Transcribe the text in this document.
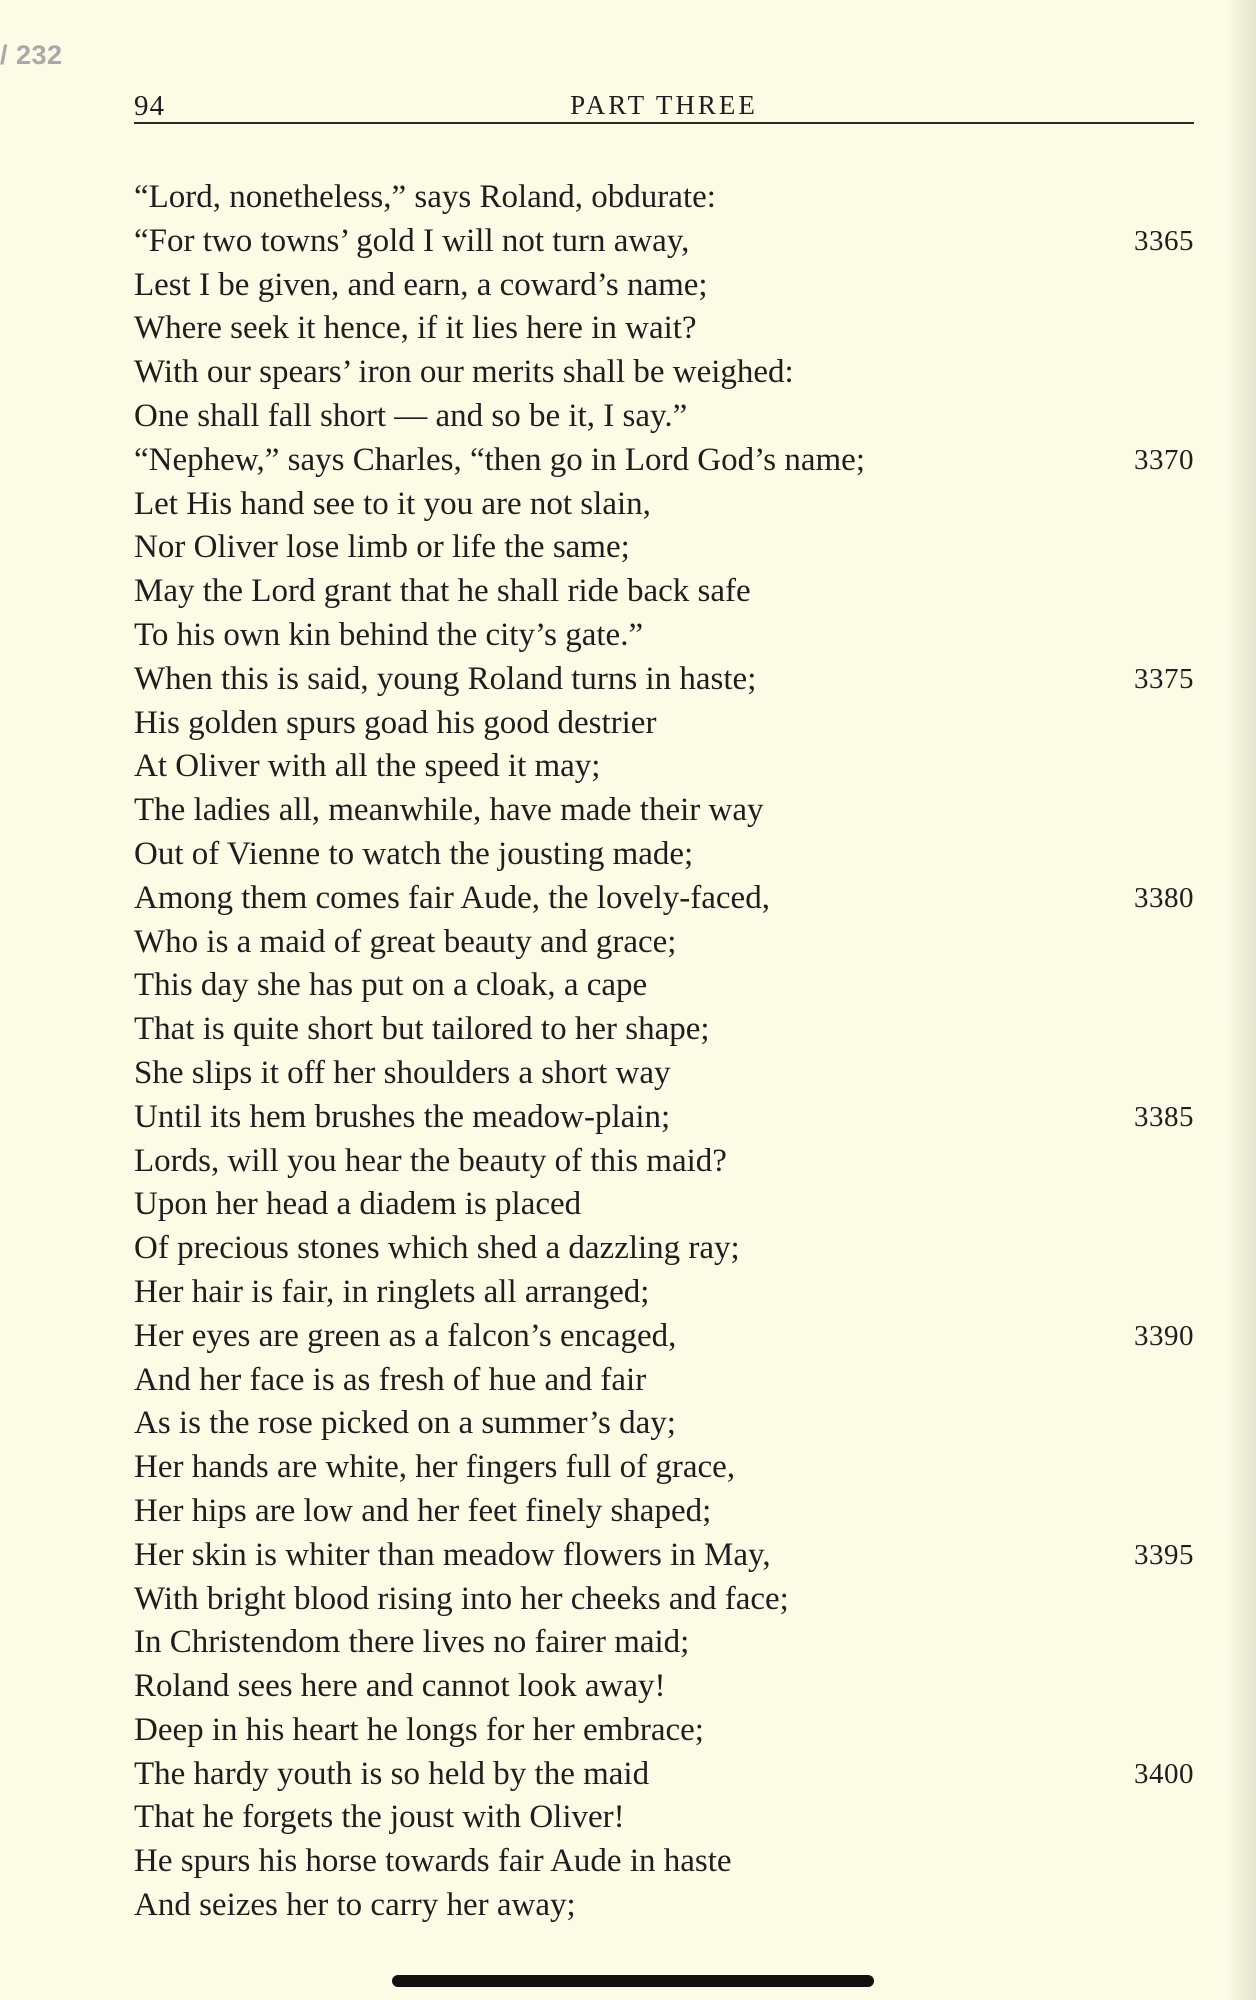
/ 232
94	PART THREE
“Lord, nonetheless,” says Roland, obdurate:
“For two towns’ gold I will not turn away,	3365
Lest I be given, and earn, a coward’s name;
Where seek it hence, if it lies here in wait?
With our spears’ iron our merits shall be weighed:
One shall fall short — and so be it, I say.”
“Nephew,” says Charles, “then go in Lord God’s name;	3370
Let His hand see to it you are not slain,
Nor Oliver lose limb or life the same;
May the Lord grant that he shall ride back safe
To his own kin behind the city’s gate.”
When this is said, young Roland turns in haste;	3375
His golden spurs goad his good destrier
At Oliver with all the speed it may;
The ladies all, meanwhile, have made their way
Out of Vienne to watch the jousting made;
Among them comes fair Aude, the lovely-faced,	3380
Who is a maid of great beauty and grace;
This day she has put on a cloak, a cape
That is quite short but tailored to her shape;
She slips it off her shoulders a short way
Until its hem brushes the meadow-plain;	3385
Lords, will you hear the beauty of this maid?
Upon her head a diadem is placed
Of precious stones which shed a dazzling ray;
Her hair is fair, in ringlets all arranged;
Her eyes are green as a falcon’s encaged,	3390
And her face is as fresh of hue and fair
As is the rose picked on a summer’s day;
Her hands are white, her fingers full of grace,
Her hips are low and her feet finely shaped;
Her skin is whiter than meadow flowers in May,	3395
With bright blood rising into her cheeks and face;
In Christendom there lives no fairer maid;
Roland sees here and cannot look away!
Deep in his heart he longs for her embrace;
The hardy youth is so held by the maid	3400
That he forgets the joust with Oliver!
He spurs his horse towards fair Aude in haste
And seizes her to carry her away;
